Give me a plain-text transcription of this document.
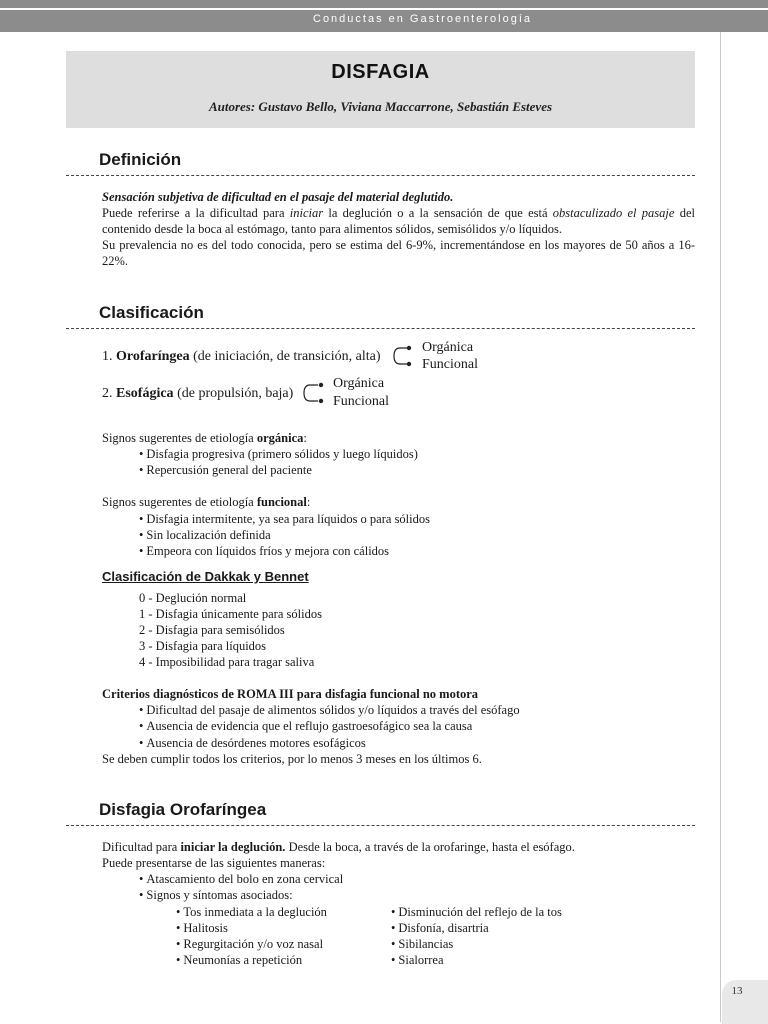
Conductas en Gastroenterología
DISFAGIA
Autores: Gustavo Bello, Viviana Maccarrone, Sebastián Esteves
Definición
Sensación subjetiva de dificultad en el pasaje del material deglutido.
Puede referirse a la dificultad para iniciar la deglución o a la sensación de que está obstaculizado el pasaje del contenido desde la boca al estómago, tanto para alimentos sólidos, semisólidos y/o líquidos.
Su prevalencia no es del todo conocida, pero se estima del 6-9%, incrementándose en los mayores de 50 años a 16-22%.
Clasificación
1. Orofaríngea (de iniciación, de transición, alta)
Orgánica
Funcional
2. Esofágica (de propulsión, baja)
Orgánica
Funcional
Signos sugerentes de etiología orgánica:
• Disfagia progresiva (primero sólidos y luego líquidos)
• Repercusión general del paciente
Signos sugerentes de etiología funcional:
• Disfagia intermitente, ya sea para líquidos o para sólidos
• Sin localización definida
• Empeora con líquidos fríos y mejora con cálidos
Clasificación de Dakkak y Bennet
0 - Deglución normal
1 - Disfagia únicamente para sólidos
2 - Disfagia para semisólidos
3 - Disfagia para líquidos
4 - Imposibilidad para tragar saliva
Criterios diagnósticos de ROMA III para disfagia funcional no motora
• Dificultad del pasaje de alimentos sólidos y/o líquidos a través del esófago
• Ausencia de evidencia que el reflujo gastroesofágico sea la causa
• Ausencia de desórdenes motores esofágicos
Se deben cumplir todos los criterios, por lo menos 3 meses en los últimos 6.
Disfagia Orofaríngea
Dificultad para iniciar la deglución. Desde la boca, a través de la orofaringe, hasta el esófago.
Puede presentarse de las siguientes maneras:
• Atascamiento del bolo en zona cervical
• Signos y síntomas asociados:
• Tos inmediata a la deglución
• Halitosis
• Regurgitación y/o voz nasal
• Neumonías a repetición
• Disminución del reflejo de la tos
• Disfonía, disartria
• Sibilancias
• Sialorrea
13
